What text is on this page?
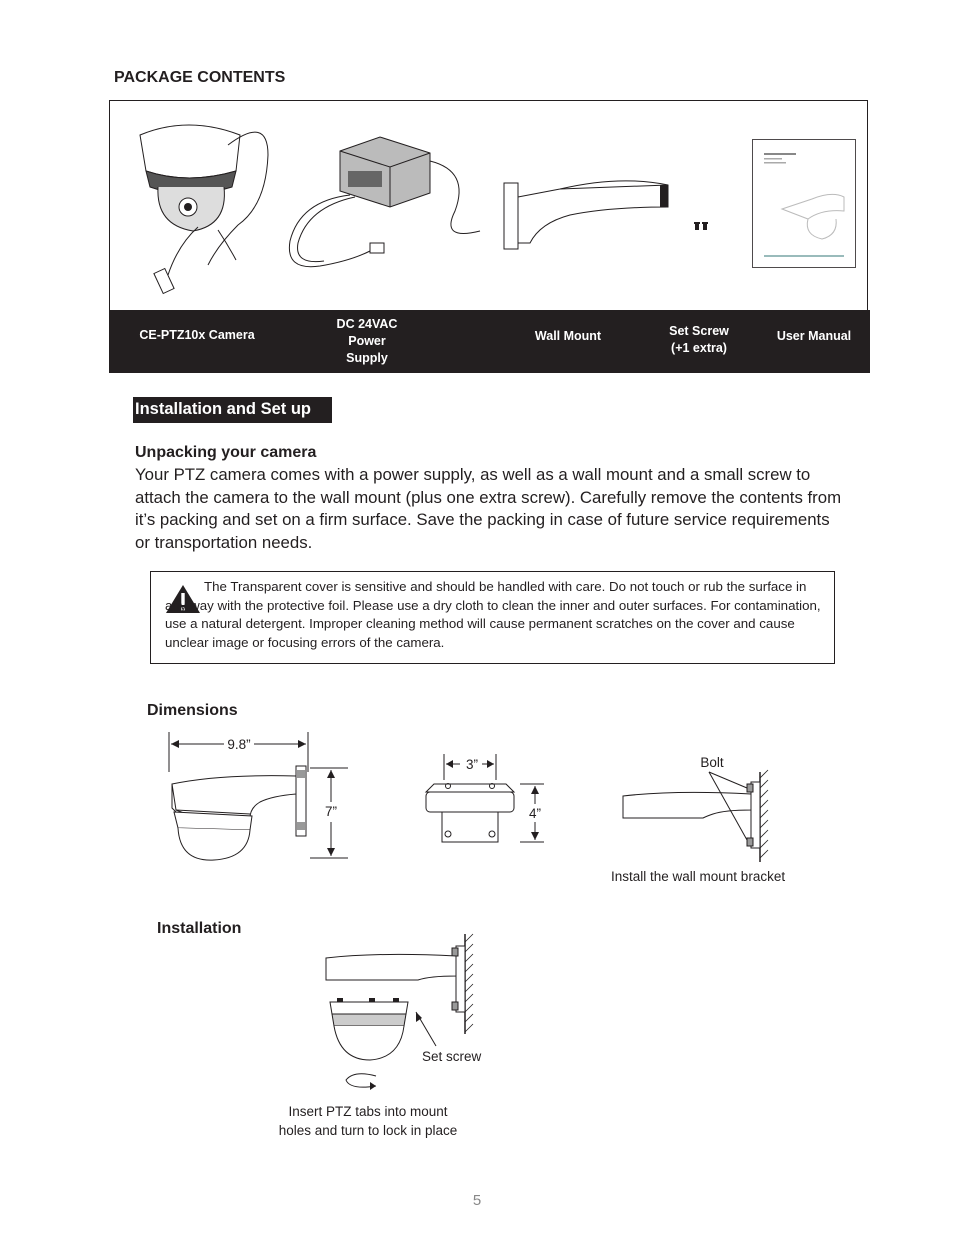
PACKAGE CONTENTS
CE-PTZ10x Camera
DC 24VAC
Power
Supply
Wall Mount	Set Screw
(+1 extra)
User Manual
Installation and Set up
Unpacking your camera
Your PTZ camera comes with a power supply, as well as a wall mount and a small screw to attach the camera to the wall mount (plus one extra screw). Carefully remove the contents from it’s packing and set on a firm surface. Save the packing in case of future service requirements or transportation needs.
The Transparent cover is sensitive and should be handled with care. Do not touch or rub the surface in any way with the protective foil. Please use a dry cloth to clean the inner and outer surfaces. For contamination, use a natural detergent. Improper cleaning method will cause permanent scratches on the cover and cause unclear image or focusing errors of the camera.
Dimensions
9.8”
7”
3”
4”
Bolt
Install the wall mount bracket
Installation
Set screw
Insert PTZ tabs into mount
holes and turn to lock in place
5
